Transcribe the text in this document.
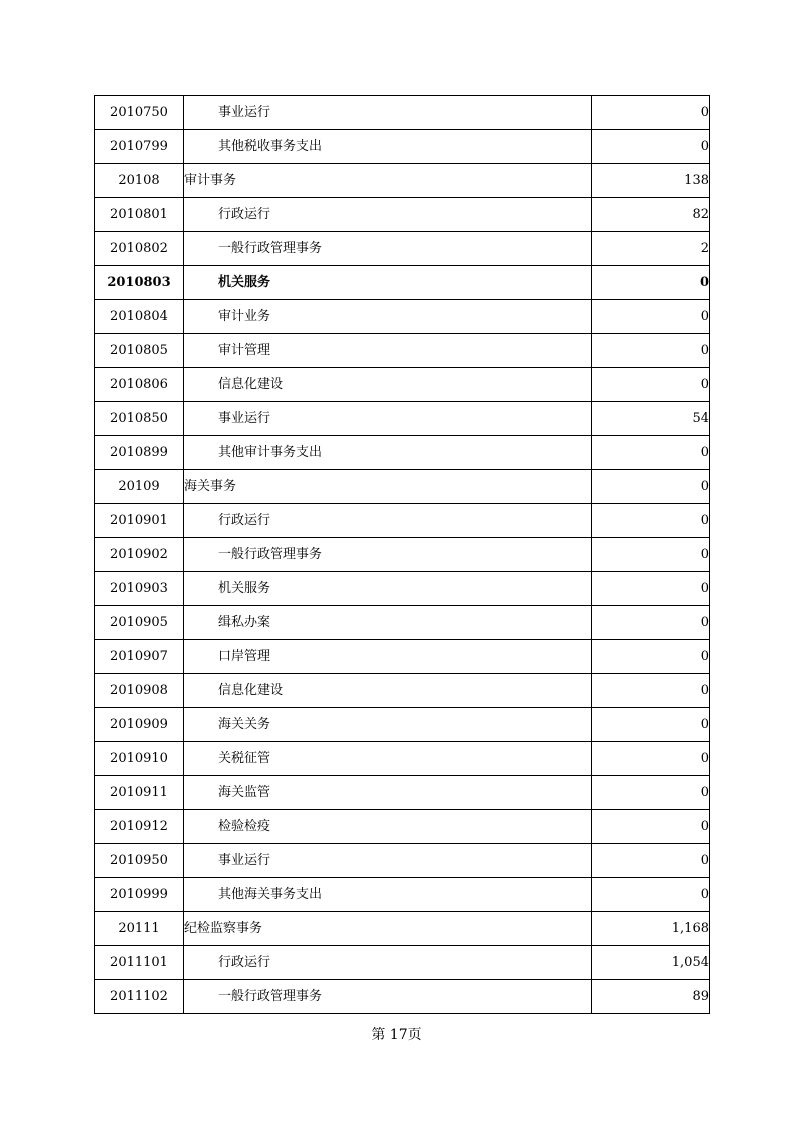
2010750	事业运行	0
2010799	其他税收事务支出	0
20108	审计事务	138
2010801	行政运行	82
2010802	一般行政管理事务	2
2010803	机关服务	0
2010804	审计业务	0
2010805	审计管理	0
2010806	信息化建设	0
2010850	事业运行	54
2010899	其他审计事务支出	0
20109	海关事务	0
2010901	行政运行	0
2010902	一般行政管理事务	0
2010903	机关服务	0
2010905	缉私办案	0
2010907	口岸管理	0
2010908	信息化建设	0
2010909	海关关务	0
2010910	关税征管	0
2010911	海关监管	0
2010912	检验检疫	0
2010950	事业运行	0
2010999	其他海关事务支出	0
20111	纪检监察事务	1,168
2011101	行政运行	1,054
2011102	一般行政管理事务	89
第 17页
